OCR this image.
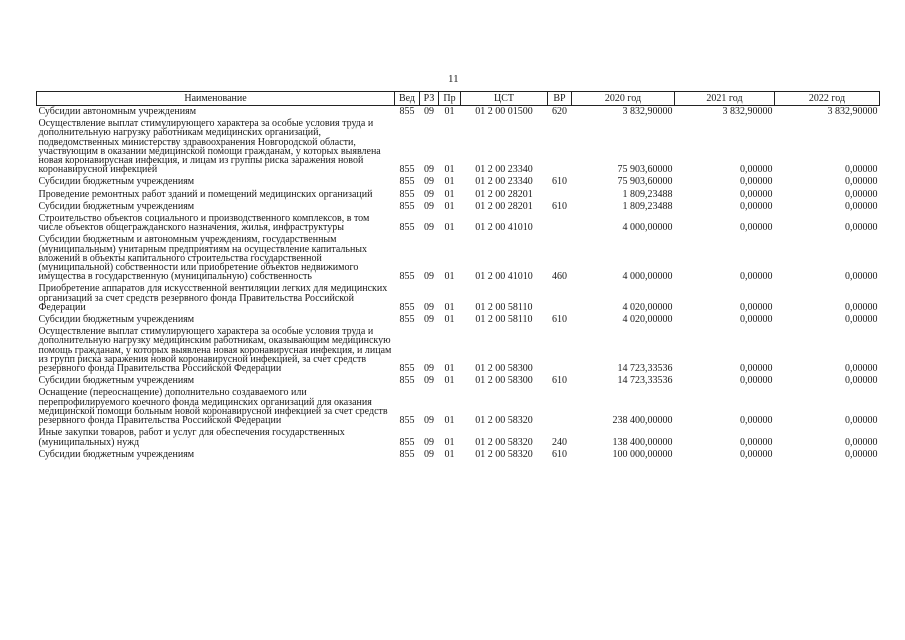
11
Наименование	Вед	РЗ	Пр	ЦСТ	ВР	2020 год	2021 год	2022 год
Субсидии автономным учреждениям	855	09	01	01 2 00 01500	620	3 832,90000	3 832,90000	3 832,90000
Осуществление выплат стимулирующего характера за особые условия труда и дополнительную нагрузку работникам медицинских организаций, подведомственных министерству здравоохранения Новгородской области, участвующим в оказании медицинской помощи гражданам, у которых выявлена новая коронавирусная инфекция, и лицам из группы риска заражения новой коронавирусной инфекцией	855	09	01	01 2 00 23340		75 903,60000	0,00000	0,00000
Субсидии бюджетным учреждениям	855	09	01	01 2 00 23340	610	75 903,60000	0,00000	0,00000
Проведение ремонтных работ зданий и помещений медицинских организаций	855	09	01	01 2 00 28201		1 809,23488	0,00000	0,00000
Субсидии бюджетным учреждениям	855	09	01	01 2 00 28201	610	1 809,23488	0,00000	0,00000
Строительство объектов социального и производственного комплексов, в том числе объектов общегражданского назначения, жилья, инфраструктуры	855	09	01	01 2 00 41010		4 000,00000	0,00000	0,00000
Субсидии бюджетным и автономным учреждениям, государственным (муниципальным) унитарным предприятиям на осуществление капитальных вложений в объекты капитального строительства государственной (муниципальной) собственности или приобретение объектов недвижимого имущества в государственную (муниципальную) собственность	855	09	01	01 2 00 41010	460	4 000,00000	0,00000	0,00000
Приобретение аппаратов для искусственной вентиляции легких для медицинских организаций за счет средств резервного фонда Правительства Российской Федерации	855	09	01	01 2 00 58110		4 020,00000	0,00000	0,00000
Субсидии бюджетным учреждениям	855	09	01	01 2 00 58110	610	4 020,00000	0,00000	0,00000
Осуществление выплат стимулирующего характера за особые условия труда и дополнительную нагрузку медицинским работникам, оказывающим медицинскую помощь гражданам, у которых выявлена новая коронавирусная инфекция, и лицам из групп риска заражения новой коронавирусной инфекцией, за счет средств резервного фонда Правительства Российской Федерации	855	09	01	01 2 00 58300		14 723,33536	0,00000	0,00000
Субсидии бюджетным учреждениям	855	09	01	01 2 00 58300	610	14 723,33536	0,00000	0,00000
Оснащение (переоснащение) дополнительно создаваемого или перепрофилируемого коечного фонда медицинских организаций для оказания медицинской помощи больным новой коронавирусной инфекцией за счет средств резервного фонда Правительства Российской Федерации	855	09	01	01 2 00 58320		238 400,00000	0,00000	0,00000
Иные закупки товаров, работ и услуг для обеспечения государственных (муниципальных) нужд	855	09	01	01 2 00 58320	240	138 400,00000	0,00000	0,00000
Субсидии бюджетным учреждениям	855	09	01	01 2 00 58320	610	100 000,00000	0,00000	0,00000
